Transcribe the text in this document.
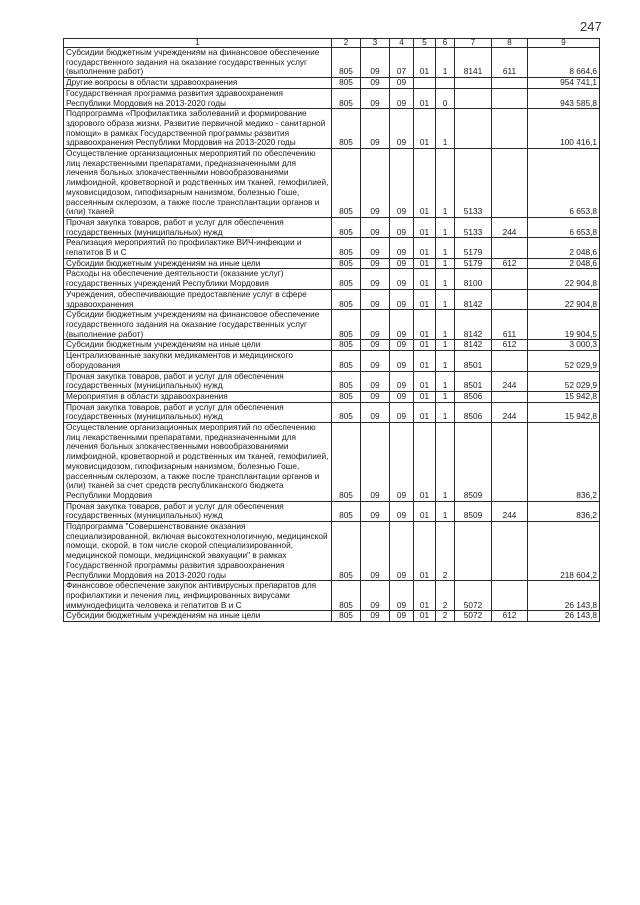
247
1	2	3	4	5	6	7	8	9
Субсидии бюджетным учреждениям на финансовое обеспечение государственного задания на оказание государственных услуг (выполнение работ)	805	09	07	01	1	8141	611	8 664,6
Другие вопросы в области здравоохранения	805	09	09					954 741,1
Государственная программа развития здравоохранения Республики Мордовия на 2013-2020 годы	805	09	09	01	0			943 585,8
Подпрограмма «Профилактика заболеваний и формирование здорового образа жизни. Развитие первичной медико - санитарной помощи» в рамках Государственной программы развития здравоохранения Республики Мордовия на 2013-2020 годы	805	09	09	01	1			100 416,1
Осуществление организационных мероприятий по обеспечению лиц лекарственными препаратами, предназначенными для лечения больных злокачественными новообразованиями лимфоидной, кроветворной и родственных им тканей, гемофилией, муковисцидозом, гипофизарным нанизмом, болезнью Гоше, рассеянным склерозом, а также после трансплантации органов и (или) тканей	805	09	09	01	1	5133		6 653,8
Прочая закупка товаров, работ и услуг для обеспечения государственных (муниципальных) нужд	805	09	09	01	1	5133	244	6 653,8
Реализация мероприятий по профилактике ВИЧ-инфекции и гепатитов В и С	805	09	09	01	1	5179		2 048,6
Субсидии бюджетным учреждениям на иные цели	805	09	09	01	1	5179	612	2 048,6
Расходы на обеспечение деятельности (оказание услуг) государственных учреждений Республики Мордовия	805	09	09	01	1	8100		22 904,8
Учреждения, обеспечивающие предоставление услуг в сфере здравоохранения	805	09	09	01	1	8142		22 904,8
Субсидии бюджетным учреждениям на финансовое обеспечение государственного задания на оказание государственных услуг (выполнение работ)	805	09	09	01	1	8142	611	19 904,5
Субсидии бюджетным учреждениям на иные цели	805	09	09	01	1	8142	612	3 000,3
Централизованные закупки медикаментов и медицинского оборудования	805	09	09	01	1	8501		52 029,9
Прочая закупка товаров, работ и услуг для обеспечения государственных (муниципальных) нужд	805	09	09	01	1	8501	244	52 029,9
Мероприятия в области здравоохранения	805	09	09	01	1	8506		15 942,8
Прочая закупка товаров, работ и услуг для обеспечения государственных (муниципальных) нужд	805	09	09	01	1	8506	244	15 942,8
Осуществление организационных мероприятий по обеспечению лиц лекарственными препаратами, предназначенными для лечения больных злокачественными новообразованиями лимфоидной, кроветворной и родственных им тканей, гемофилией, муковисцидозом, гипофизарным нанизмом, болезнью Гоше, рассеянным склерозом, а также после трансплантации органов и (или) тканей за счет средств республиканского бюджета Республики Мордовия	805	09	09	01	1	8509		836,2
Прочая закупка товаров, работ и услуг для обеспечения государственных (муниципальных) нужд	805	09	09	01	1	8509	244	836,2
Подпрограмма "Совершенствование оказания специализированной, включая высокотехнологичную, медицинской помощи, скорой, в том числе скорой специализированной, медицинской помощи, медицинской эвакуации" в рамках Государственной программы развития здравоохранения Республики Мордовия на 2013-2020 годы	805	09	09	01	2			218 604,2
Финансовое обеспечение закупок антивирусных препаратов для профилактики и лечения лиц, инфицированных вирусами иммунодефицита человека и гепатитов В и С	805	09	09	01	2	5072		26 143,8
Субсидии бюджетным учреждениям на иные цели	805	09	09	01	2	5072	612	26 143,8
